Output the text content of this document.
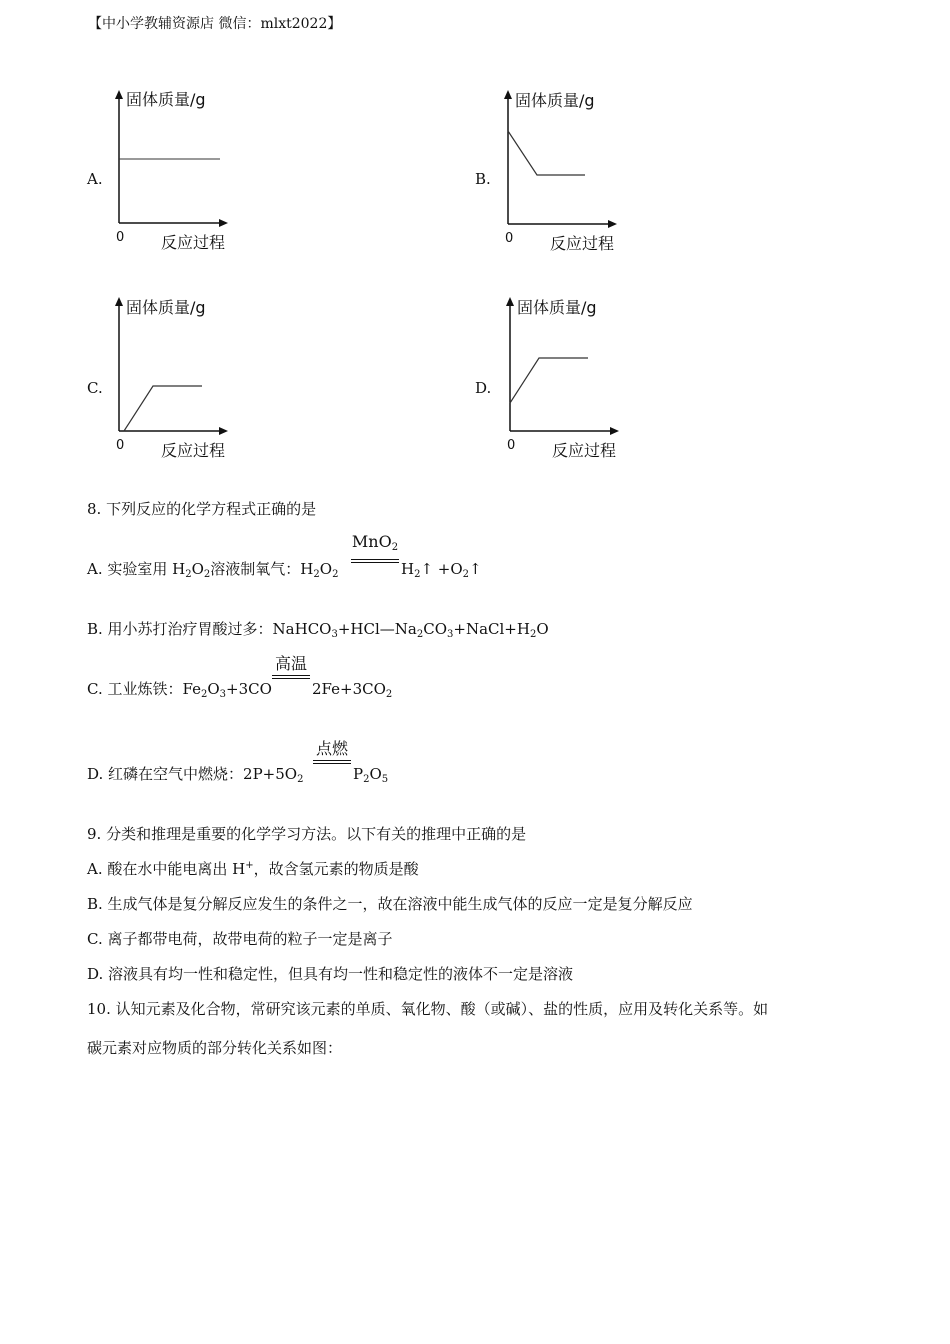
【中小学教辅资源店 微信：mlxt2022】
A.	B.
C.	D.
固体质量/g
0 反应过程
固体质量/g
0 反应过程
固体质量/g
0 反应过程
固体质量/g
0 反应过程
8. 下列反应的化学方程式正确的是
A. 实验室用 $H_2O_2$溶液制氧气：$H_2O_2$
MnO$_2$
$H_2↑$ $+O_2↑$
B. 用小苏打治疗胃酸过多：$NaHCO_3+HCl—Na_2CO_3+NaCl+H_2O$
C. 工业炼铁：$Fe_2O_3+3CO$
高温
$2Fe+3CO_2$
D. 红磷在空气中燃烧：$2P+5O_2$
点燃
$P_2O_5$
9. 分类和推理是重要的化学学习方法。以下有关的推理中正确的是
A. 酸在水中能电离出 H+，故含氢元素的物质是酸
B. 生成气体是复分解反应发生的条件之一，故在溶液中能生成气体的反应一定是复分解反应
C. 离子都带电荷，故带电荷的粒子一定是离子
D. 溶液具有均一性和稳定性，但具有均一性和稳定性的液体不一定是溶液
10. 认知元素及化合物，常研究该元素的单质、氧化物、酸（或碱）、盐的性质，应用及转化关系等。如
碳元素对应物质的部分转化关系如图：
